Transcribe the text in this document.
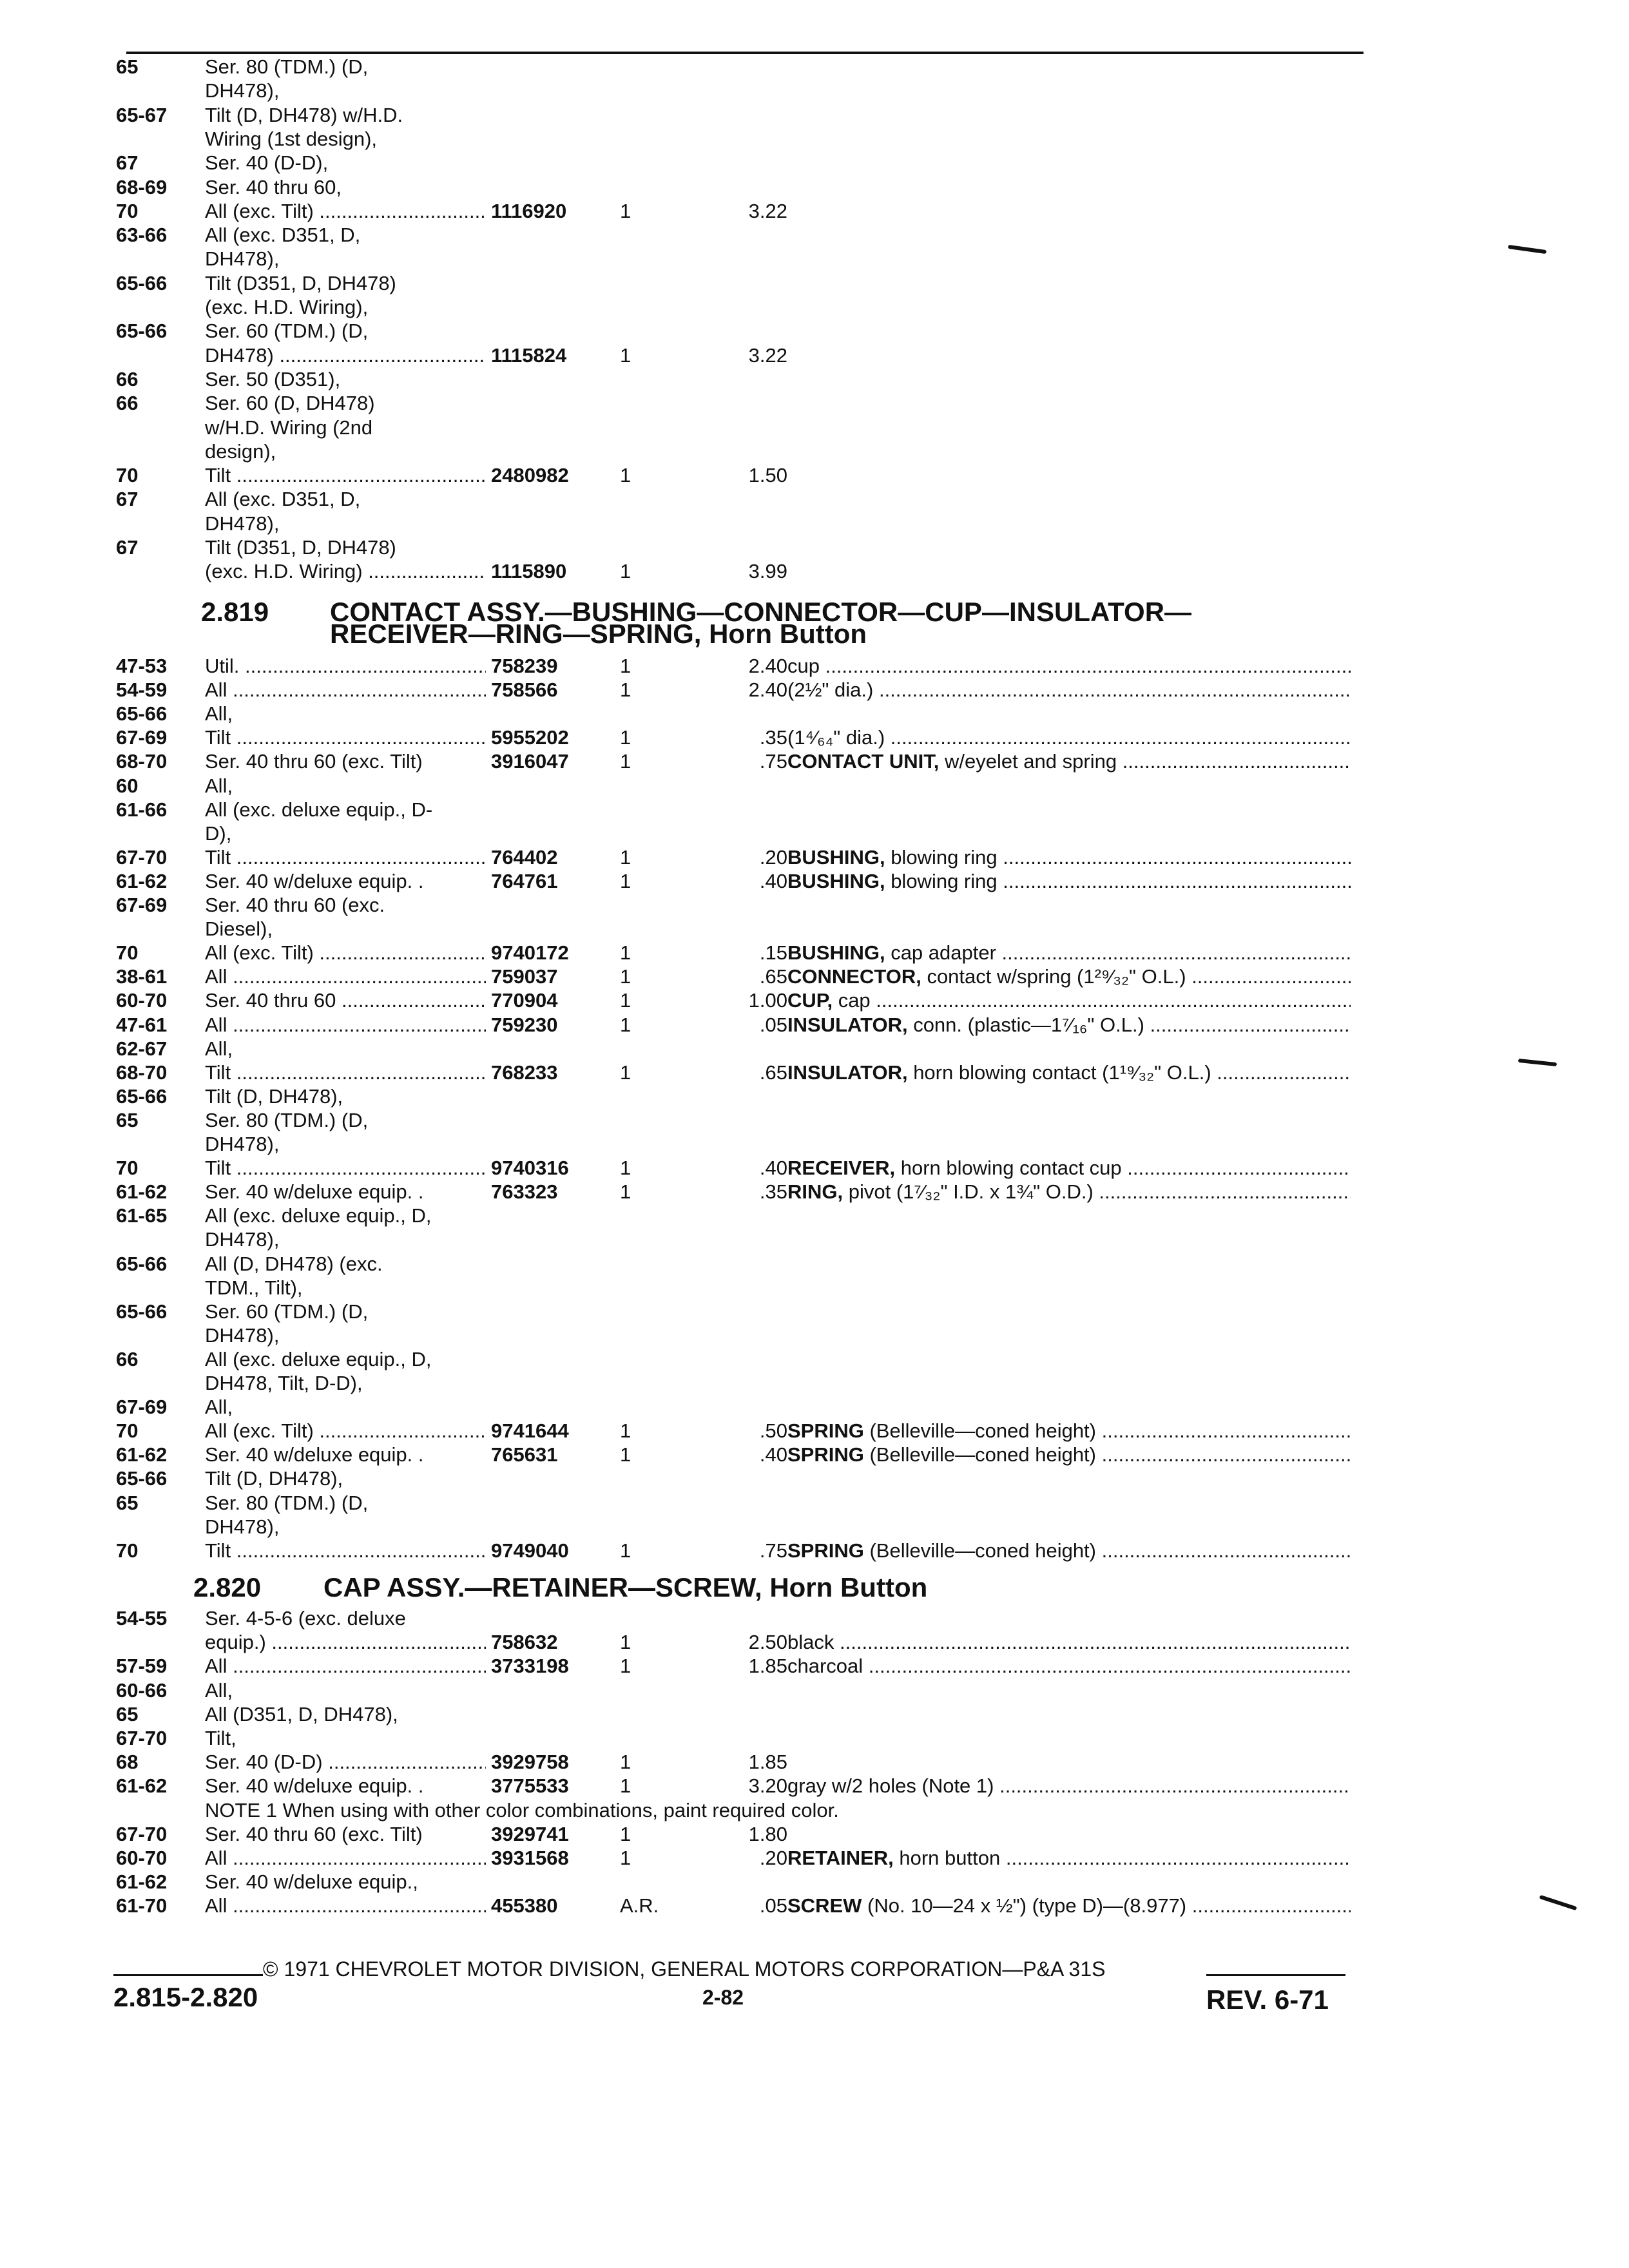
65	Ser. 80 (TDM.) (D,
DH478),
65-67 Tilt (D, DH478) w/H.D.
Wiring (1st design),
67	Ser. 40 (D-D),
68-69 Ser. 40 thru 60,
70	All (exc. Tilt) .....	1116920	1	3.22
63-66 All (exc. D351, D,
DH478),
65-66 Tilt (D351, D, DH478)
(exc. H.D. Wiring),
65-66 Ser. 60 (TDM.) (D,
DH478) .....	1115824	1	3.22
66	Ser. 50 (D351),
66	Ser. 60 (D, DH478)
w/H.D. Wiring (2nd
design),
70	Tilt .....	2480982	1	1.50
67	All (exc. D351, D,
DH478),
67	Tilt (D351, D, DH478)
(exc. H.D. Wiring) .....	1115890	1	3.99
2.819 CONTACT ASSY.—BUSHING—CONNECTOR—CUP—INSULATOR—
RECEIVER—RING—SPRING, Horn Button
47-53 Util. .....	758239	1	2.40 cup .....
54-59 All .....	758566	1	2.40 (2½" dia.) .....
65-66 All,
67-69 Tilt .....	5955202	1	.35 (1⁴⁄₆₄" dia.) .....
68-70 Ser. 40 thru 60 (exc. Tilt)	3916047	1	.75 CONTACT UNIT, w/eyelet and spring .....
60	All,
61-66 All (exc. deluxe equip., D-
D),
67-70 Tilt .....	764402	1	.20 BUSHING, blowing ring .....
61-62 Ser. 40 w/deluxe equip. .	764761	1	.40 BUSHING, blowing ring .....
67-69 Ser. 40 thru 60 (exc.
Diesel),
70	All (exc. Tilt) .....	9740172	1	.15 BUSHING, cap adapter .....
38-61 All .....	759037	1	.65 CONNECTOR, contact w/spring (1²⁹⁄₃₂" O.L.) .....
60-70 Ser. 40 thru 60 .....	770904	1	1.00 CUP, cap .....
47-61 All .....	759230	1	.05 INSULATOR, conn. (plastic—1⁷⁄₁₆" O.L.) .....
62-67 All,
68-70 Tilt .....	768233	1	.65 INSULATOR, horn blowing contact (1¹⁹⁄₃₂" O.L.) .....
65-66 Tilt (D, DH478),
65	Ser. 80 (TDM.) (D,
DH478),
70	Tilt .....	9740316	1	.40 RECEIVER, horn blowing contact cup .....
61-62 Ser. 40 w/deluxe equip. .	763323	1	.35 RING, pivot (1⁷⁄₃₂" I.D. x 1¾" O.D.) .....
61-65 All (exc. deluxe equip., D,
DH478),
65-66 All (D, DH478) (exc.
TDM., Tilt),
65-66 Ser. 60 (TDM.) (D,
DH478),
66	All (exc. deluxe equip., D,
DH478, Tilt, D-D),
67-69 All,
70	All (exc. Tilt) .....	9741644	1	.50 SPRING (Belleville—coned height) .....
61-62 Ser. 40 w/deluxe equip. .	765631	1	.40 SPRING (Belleville—coned height) .....
65-66 Tilt (D, DH478),
65	Ser. 80 (TDM.) (D,
DH478),
70	Tilt .....	9749040	1	.75 SPRING (Belleville—coned height) .....
2.820 CAP ASSY.—RETAINER—SCREW, Horn Button
54-55 Ser. 4-5-6 (exc. deluxe
equip.) .....	758632	1	2.50 black .....
57-59 All .....	3733198	1	1.85 charcoal .....
60-66 All,
65	All (D351, D, DH478),
67-70 Tilt,
68	Ser. 40 (D-D) .....	3929758	1	1.85
61-62 Ser. 40 w/deluxe equip. .	3775533	1	3.20 gray w/2 holes (Note 1) .....
NOTE 1 When using with other color combinations, paint required color.
67-70 Ser. 40 thru 60 (exc. Tilt)	3929741	1	1.80
60-70 All .....	3931568	1	.20 RETAINER, horn button .....
61-62 Ser. 40 w/deluxe equip.,
61-70 All .....	455380	A.R.	.05 SCREW (No. 10—24 x ½") (type D)—(8.977) .....
© 1971 CHEVROLET MOTOR DIVISION, GENERAL MOTORS CORPORATION—P&A 31S
2.815-2.820	2-82	REV. 6-71
